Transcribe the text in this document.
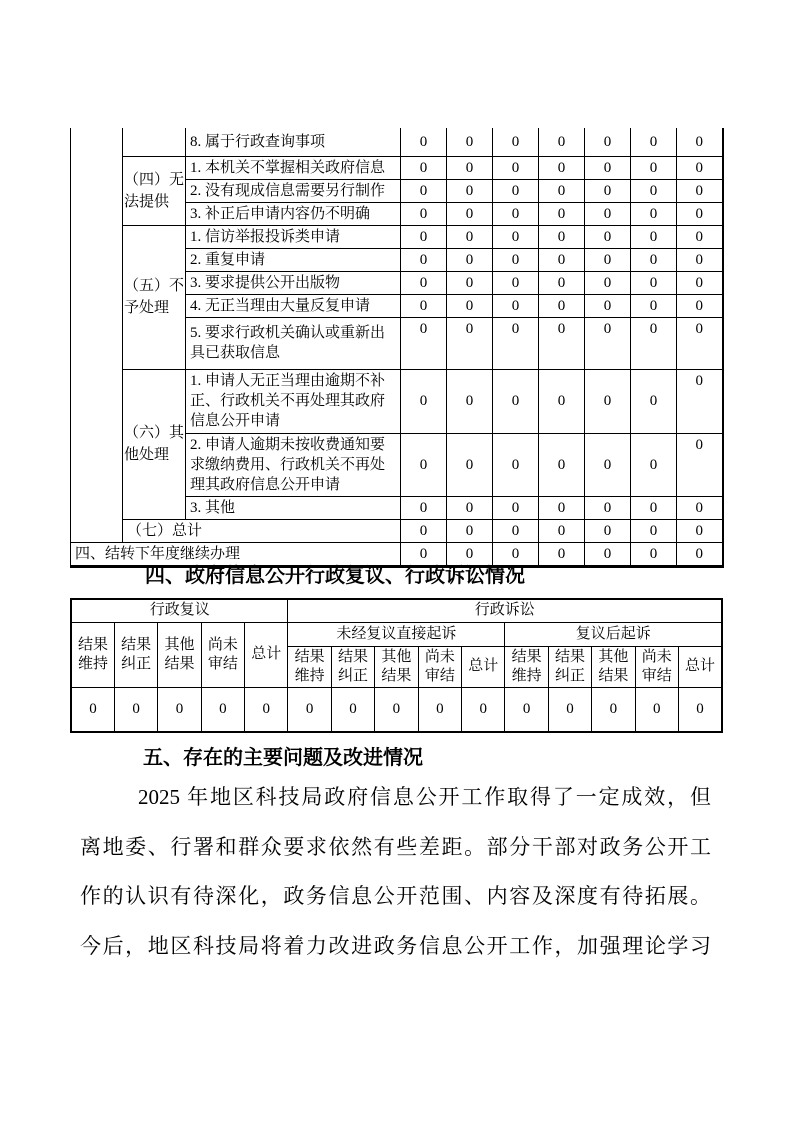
		8. 属于行政查询事项	0	0	0	0	0	0	0
	（四）无法提供	1. 本机关不掌握相关政府信息	0	0	0	0	0	0	0
		2. 没有现成信息需要另行制作	0	0	0	0	0	0	0
		3. 补正后申请内容仍不明确	0	0	0	0	0	0	0
	（五）不予处理	1. 信访举报投诉类申请	0	0	0	0	0	0	0
		2. 重复申请	0	0	0	0	0	0	0
		3. 要求提供公开出版物	0	0	0	0	0	0	0
		4. 无正当理由大量反复申请	0	0	0	0	0	0	0
		5. 要求行政机关确认或重新出具已获取信息	0	0	0	0	0	0	0
	（六）其他处理	1. 申请人无正当理由逾期不补正、行政机关不再处理其政府信息公开申请	0	0	0	0	0	0	0
		2. 申请人逾期未按收费通知要求缴纳费用、行政机关不再处理其政府信息公开申请	0	0	0	0	0	0	0
		3. 其他	0	0	0	0	0	0	0
	（七）总计		0	0	0	0	0	0	0
四、结转下年度继续办理			0	0	0	0	0	0	0
四、政府信息公开行政复议、行政诉讼情况
行政复议					行政诉讼									
结果维持	结果纠正	其他结果	尚未审结	总计	未经复议直接起诉					复议后起诉				
					结果维持	结果纠正	其他结果	尚未审结	总计	结果维持	结果纠正	其他结果	尚未审结	总计
0	0	0	0	0	0	0	0	0	0	0	0	0	0	0
五、存在的主要问题及改进情况
2025 年地区科技局政府信息公开工作取得了一定成效，但
离地委、行署和群众要求依然有些差距。部分干部对政务公开工
作的认识有待深化，政务信息公开范围、内容及深度有待拓展。
今后，地区科技局将着力改进政务信息公开工作，加强理论学习
